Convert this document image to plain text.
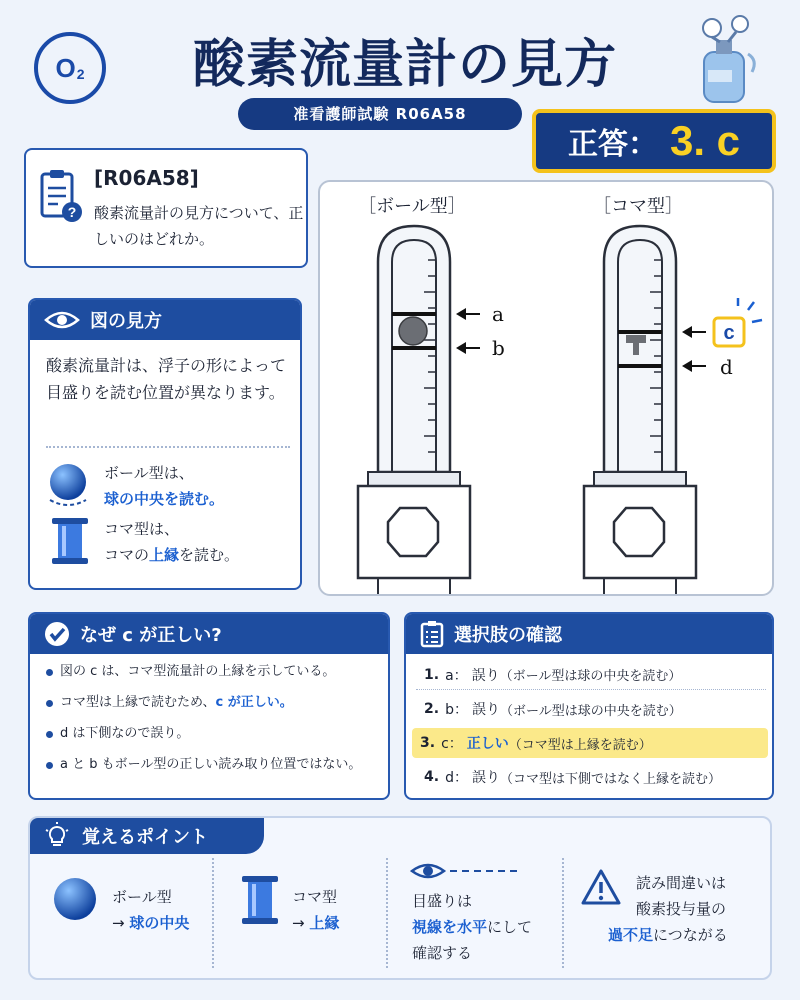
$O_2$	酸素流量計の見方
准看護師試験 R06A58
正答： 3. c
?
[R06A58]
酸素流量計の見方について、正しいのはどれか。
［ボール型］	［コマ型］
a
b
c
d
図の見方
酸素流量計は、浮子の形によって目盛りを読む位置が異なります。
ボール型は、
球の中央を読む。
コマ型は、
コマの上縁を読む。
なぜ c が正しい?
図の c は、コマ型流量計の上縁を示している。
コマ型は上縁で読むため、c が正しい。
d は下側なので誤り。
a と b もボール型の正しい読み取り位置ではない。
選択肢の確認
1. a： 誤り （ボール型は球の中央を読む）
2. b： 誤り （ボール型は球の中央を読む）
3. c： 正しい （コマ型は上縁を読む）
4. d： 誤り （コマ型は下側ではなく上縁を読む）
覚えるポイント
ボール型
→ 球の中央
コマ型
→ 上縁
目盛りは
視線を水平にして
確認する
読み間違いは
酸素投与量の
過不足につながる
